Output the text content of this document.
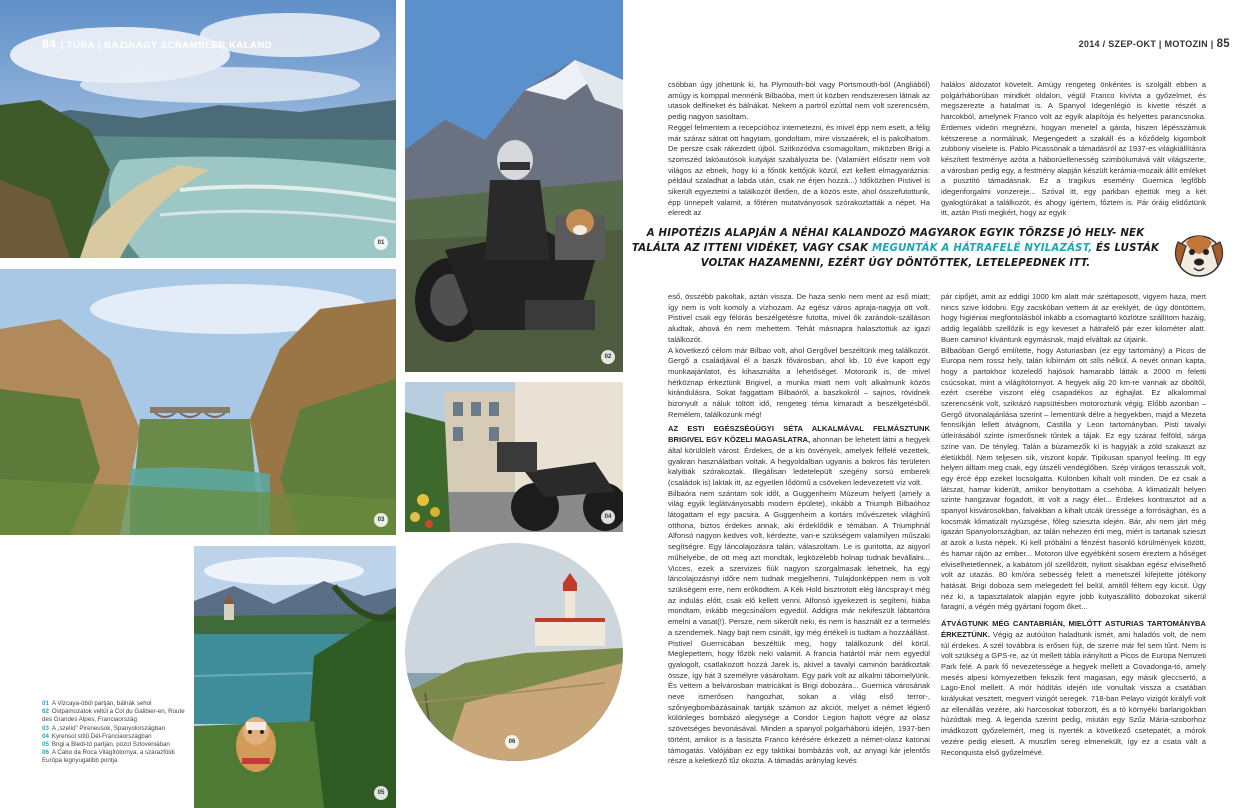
01
03
05
02
04
06
84 | TÚRA | BAZINAGY SCRAMBLER KALAND
01 A Vizcaya-öböl partján, bálnák sehol
02 Ostpámozatok veltül a Col du Galibier-en, Route des Grandes Alpes, Franciaország
03 A „szelíd” Pireneusok, Spanyolországban
04 Kyrensol stílű Dél-Franciaországban
05 Brigi a Bledi-tó partján, pózol Szlovéniában
06 A Cabo da Roca Világítótornya, a szárazföldi Európa legnyugatibb pontja
2014 / SZEP-OKT | MOTOZIN | 85

csóbban úgy jöhetünk ki, ha Plymouth-ból vagy Portsmouth-ból (Angliából) amúgy is komppal mennénk Bilbaóba, mert út közben rendszeresen látnak az utasok delfineket és bálnákat. Nekem a partról ezúttal nem volt szerencsém, pedig nagyon sasoltam.

Reggel felmentem a recepcióhoz internetezni, és mivel épp nem esett, a félig már száraz sátrat ott hagytam, gondoltam, mire visszaérek, el is pakolhatom. De persze csak rákezdett újból. Szitkozódva csomagoltam, miközben Brigi a szomszéd lakóautósok kutyáját szabályozta be. (Valamiért először nem volt világos az ebnek, hogy ki a főnök kettőjük közül, ezt kellett elmagyaráznia: például szaladhat a labda után, csak ne érjen hozzá...) Időközben Pistivel is sikerült egyeztetni a találkozót illetően, de a közös este, ahol összefutottunk, épp ünnepelt valamit, a főtéren mutatványosok szórakoztatták a népet. Ha eleredt az

halálos áldozatot követelt. Amúgy rengeteg önkéntes is szolgált ebben a polgárháborúban mindkét oldalon, végül Franco kivívta a győzelmet, és megszerezte a hatalmat is. A Spanyol Idegenlégió is kivette részét a harcokból, amelynek Franco volt az egyik alapítója és helyettes parancsnoka. Érdemes videón megnézni, hogyan menetel a gárda, hiszen lépésszámuk kétszerese a normálnak. Megengedett a szakáll és a kőződelg kigombolt zubbony viselete is. Pablo Picassónak a támadásról az 1937-es világkiállításra készített festménye azóta a háborúellenesség szimbólumává vált világszerte, a városban pedig egy, a festmény alapján készült kerámia-mozaik állít emléket a pusztító támadásnak. Ez a tragikus esemény Guernica legfőbb idegenforgalmi vonzereje... Szóval itt, egy parkban ejtettük meg a két gyalogtúrákat a találkozót, és ahogy ígértem, főztem is. Pár óráig elidőztünk itt, aztán Pisti megkért, hogy az egyik

A HIPOTÉZIS ALAPJÁN A NÉHAI KALANDOZÓ MAGYAROK EGYIK TÖRZSE JÓ HELY- NEK TALÁLTA AZ ITTENI VIDÉKET, VAGY CSAK MEGUNTÁK A HÁTRAFELÉ NYILAZÁST, ÉS LUSTÁK VOLTAK HAZAMENNI, EZÉRT ÚGY DÖNTÖTTEK, LETELEPEDNEK ITT.

eső, összébb pakoltak, aztán vissza. De haza senki nem ment az eső miatt; így nem is volt komoly a vízhozam. Az egész város apraja-nagyja ott volt. Pistivel csak egy félórás beszélgetésre futotta, mivel ők zarándok-szálláson aludtak, ahová én nem mehettem. Tehát másnapra halasztottuk az igazi találkozót.

A következő célom már Bilbao volt, ahol Gergővel beszéltünk meg találkozót. Gergő a családjával él a baszk fővárosban, ahol kb. 10 éve kapott egy munkaajánlatot, és kihasználta a lehetőséget. Motorozik is, de mivel hétköznap érkeztünk Brigivel, a munka miatt nem volt alkalmunk közös kirándulásra. Sokat faggattam Bilbaóról, a baszkokról – sajnos, rövidnek bizonyult a náluk töltött idő, rengeteg téma kimaradt a beszélgetésből. Remélem, találkozunk még!

AZ ESTI EGÉSZSÉGÜGYI SÉTA ALKALMÁVAL FELMÁSZTUNK BRIGIVEL EGY KÖZELI MAGASLATRA, ahonnan be lehetett látni a hegyek által körülölelt várost. Érdekes, de a kis ösvények, amelyek felfelé vezettek, gyakran használatban voltak. A hegyoldalban ugyanis a bokros fás területen kalyibák szórakoztak. Illegálisan ledetelepült szegény sorsú emberek (családok is) laktak itt, az egyetlen lődömű a csöveken ledevezetett víz volt.

Bilbaóra nem szántam sok időt, a Guggenheim Múzeum helyett (amely a világ egyik leglátványosabb modern épülete), inkább a Triumph Bilbaóhoz látogattam el egy pacsira. A Guggenheim a kortárs művészetek világhírű otthona, biztos érdekes annak, aki érdeklődik e témában. A Triumphnál Alfonsó nagyon kedves volt, kérdezte, van-e szükségem valamilyen műszaki segítségre. Egy láncolajozásra talán, válaszoltam. Le is guritotta, az aigyorl műhelyébe, de ott meg azt mondták, legközelebb holnap tudnak bevállalni... Vicces, ezek a szervizes fiúk nagyon szorgalmasak lehetnek, ha egy láncolajozásnyi időre nem tudnak megjelhenni. Tulajdonképpen nem is volt szükségem erre, nem erőködtem. A Kék Hold bisztrotott elég láncspray-t még az indulás előtt, csak elő kellett venni. Alfonsó igyekezett is segíteni, hiába mondtam, inkább megcsinálom egyedül. Addigra már nekifeszült lábtartóra emelni a vasat(!). Persze, nem sikerült neki, és nem is használt ez a termelés a szendemek. Nagy bajt nem csinált, így még értékeli is tudtam a hozzáállást.

Pistivel Guernicában beszéltük meg, hogy találkozunk dél körül. Meglepettem, hogy főzök neki valamit. A francia határtól már nem egyedül gyalogolt, csatlakozott hozzá Jarek is, akivel a tavalyi caminón barátkoztak össze, így hát 3 személyre vásároltam. Egy park volt az alkalmi tábornelyünk. És vettem a belvárosban matricákat is Brigi dobozára... Guernica városának neve ismerősen hangozhat, sokan a világ első terror-, szőnyegbombázásainak tartják számon az akciót, melyet a német légierő különleges bombázó alegysége a Condor Legion hajtott végre az olasz szövetséges bevonásával. Minden a spanyol polgárháború idején, 1937-ben történt, amikor is a fasiszta Franco kérésére érkezett a német-olasz katonai támogatás. Valójában ez egy taktikai bombázás volt, az anyagi kár jelentős része a keletkező tűz okozta. A támadás aránylag kevés

pár cipőjét, amit az eddigi 1000 km alatt már széttaposott, vigyem haza, mert nincs szive kidobni. Egy zacskóban vettem át az ereklyét, de úgy döntöttem, hogy higiéniai megfontolásból inkább a csomagtartó közlötze szállítom hazáig, addig legalább szellőzik is egy keveset a hátrafelő pár ezer kilométer alatt. Buen camino! kívántunk egymásnak, majd elváltak az útjaink.

Bilbaóban Gergő említette, hogy Asturiasban (ez egy tartomány) a Picos de Europa nem rossz hely, talán kíbírnám ott stíls nélkül. A nevét onnan kapta, hogy a partokhoz közeledő hajósok hamarabb látták a 2000 m feletti csúcsokat, mint a világítótornyot. A hegyek alig 20 km-re vannak az öböltől, ezért cserébe viszont elég csapadékos az éghajlat. Ez alkalommal szerencsénk volt, szikrázó napsütésben motoroztunk végig. Előbb azonban – Gergő útvonalajánlása szerint – lementünk délre a hegyekben, majd a Mezeta fennsíkján lellett átvágnom, Castilla y Leon tartományban. Pisti tavalyi útleírásából szinte ismerősnek tűntek a tájak. Ez egy száraz felföld, sárga színe van. De tényleg. Talán a búzamezők kí is hagyják a zöld szakaszt az életükből. Nem teljesen sík, viszont kopár. Tipikusan spanyol feeling. Itt egy helyen álltam meg csak, egy útszéli vendéglőben. Szép virágos terasszuk volt, egy ércé épp ezeket locsolgatta. Különben kihalt volt minden. De ez csak a látszat, hamar kiderült, amikor benyitottam a csehóba. A klimatizált helyen szinte hangzavar fogadott, itt volt a nagy élet... Érdekes kontrasztot ad a spanyol kisvárosokban, falvakban a kihalt utcák üressége a forrósághan, és a kocsmák klimatizált nyüzsgése, főleg szieszta idején. Bár, ahi nem járt még igazán Spanyolországban, az talán nehezen érti meg, miért is tartanak szieszt at azok a lusta népek. Ki kell próbálni a fénzést hasonló körülmények között, és hamar rájön az ember... Motoron ülve egyébként sosem éreztem a hőséget elviselhetetlennek, a kabátom jól szellőzött, nyitott sisakban egész elviselhető volt az utazás. 80 km/óra sebesség felett a menetszél kifejtette jótékony hatását. Brigi doboza sem melegedett fel belül, amitől féltem egy kicsit. Úgy néz ki, a tapasztalatok alapján egyre jobb kutyaszállító dobozokat sikerül faragni, a végén még gyártani fogom őket...

ÁTVÁGTUNK MÉG CANTABRIÁN, MIELŐTT ASTURIAS TARTOMÁNYBA ÉRKEZTÜNK. Végig az autóúton haladtunk ismét, ami haladós volt, de nem túl érdekes. A szél továbbra is erősen fújt, de szerre már fel sem tűnt. Nem is volt szükség a GPS-re, az út mellett tábla irányított a Picos de Europa Nemzeti Park felé. A park fő nevezetessége a hegyek mellett a Covadonga-tó, amely mesés alpesi környezetben fekszik fent magasan, egy másik gleccsertó, a Lago-Enol mellett. A mór hódítás idején ide vonultak vissza a csatában királyukat vesztett, megvert vizigót seregek. 718-ban Pelayo vizigót királyfi volt az ellenállás vezére, aki harcosokat toborzott, és a tó környéki barlangokban húzódtak meg. A legenda szerint pedig, miután egy Szűz Mária-szoborhoz imádkozott győzelemért, meg is nyerték a következő csetepatét, a mórok vezére pedig elesett. A muszlim sereg elmenekült, így ez a csata vált a Reconquista első győzelmévé.
